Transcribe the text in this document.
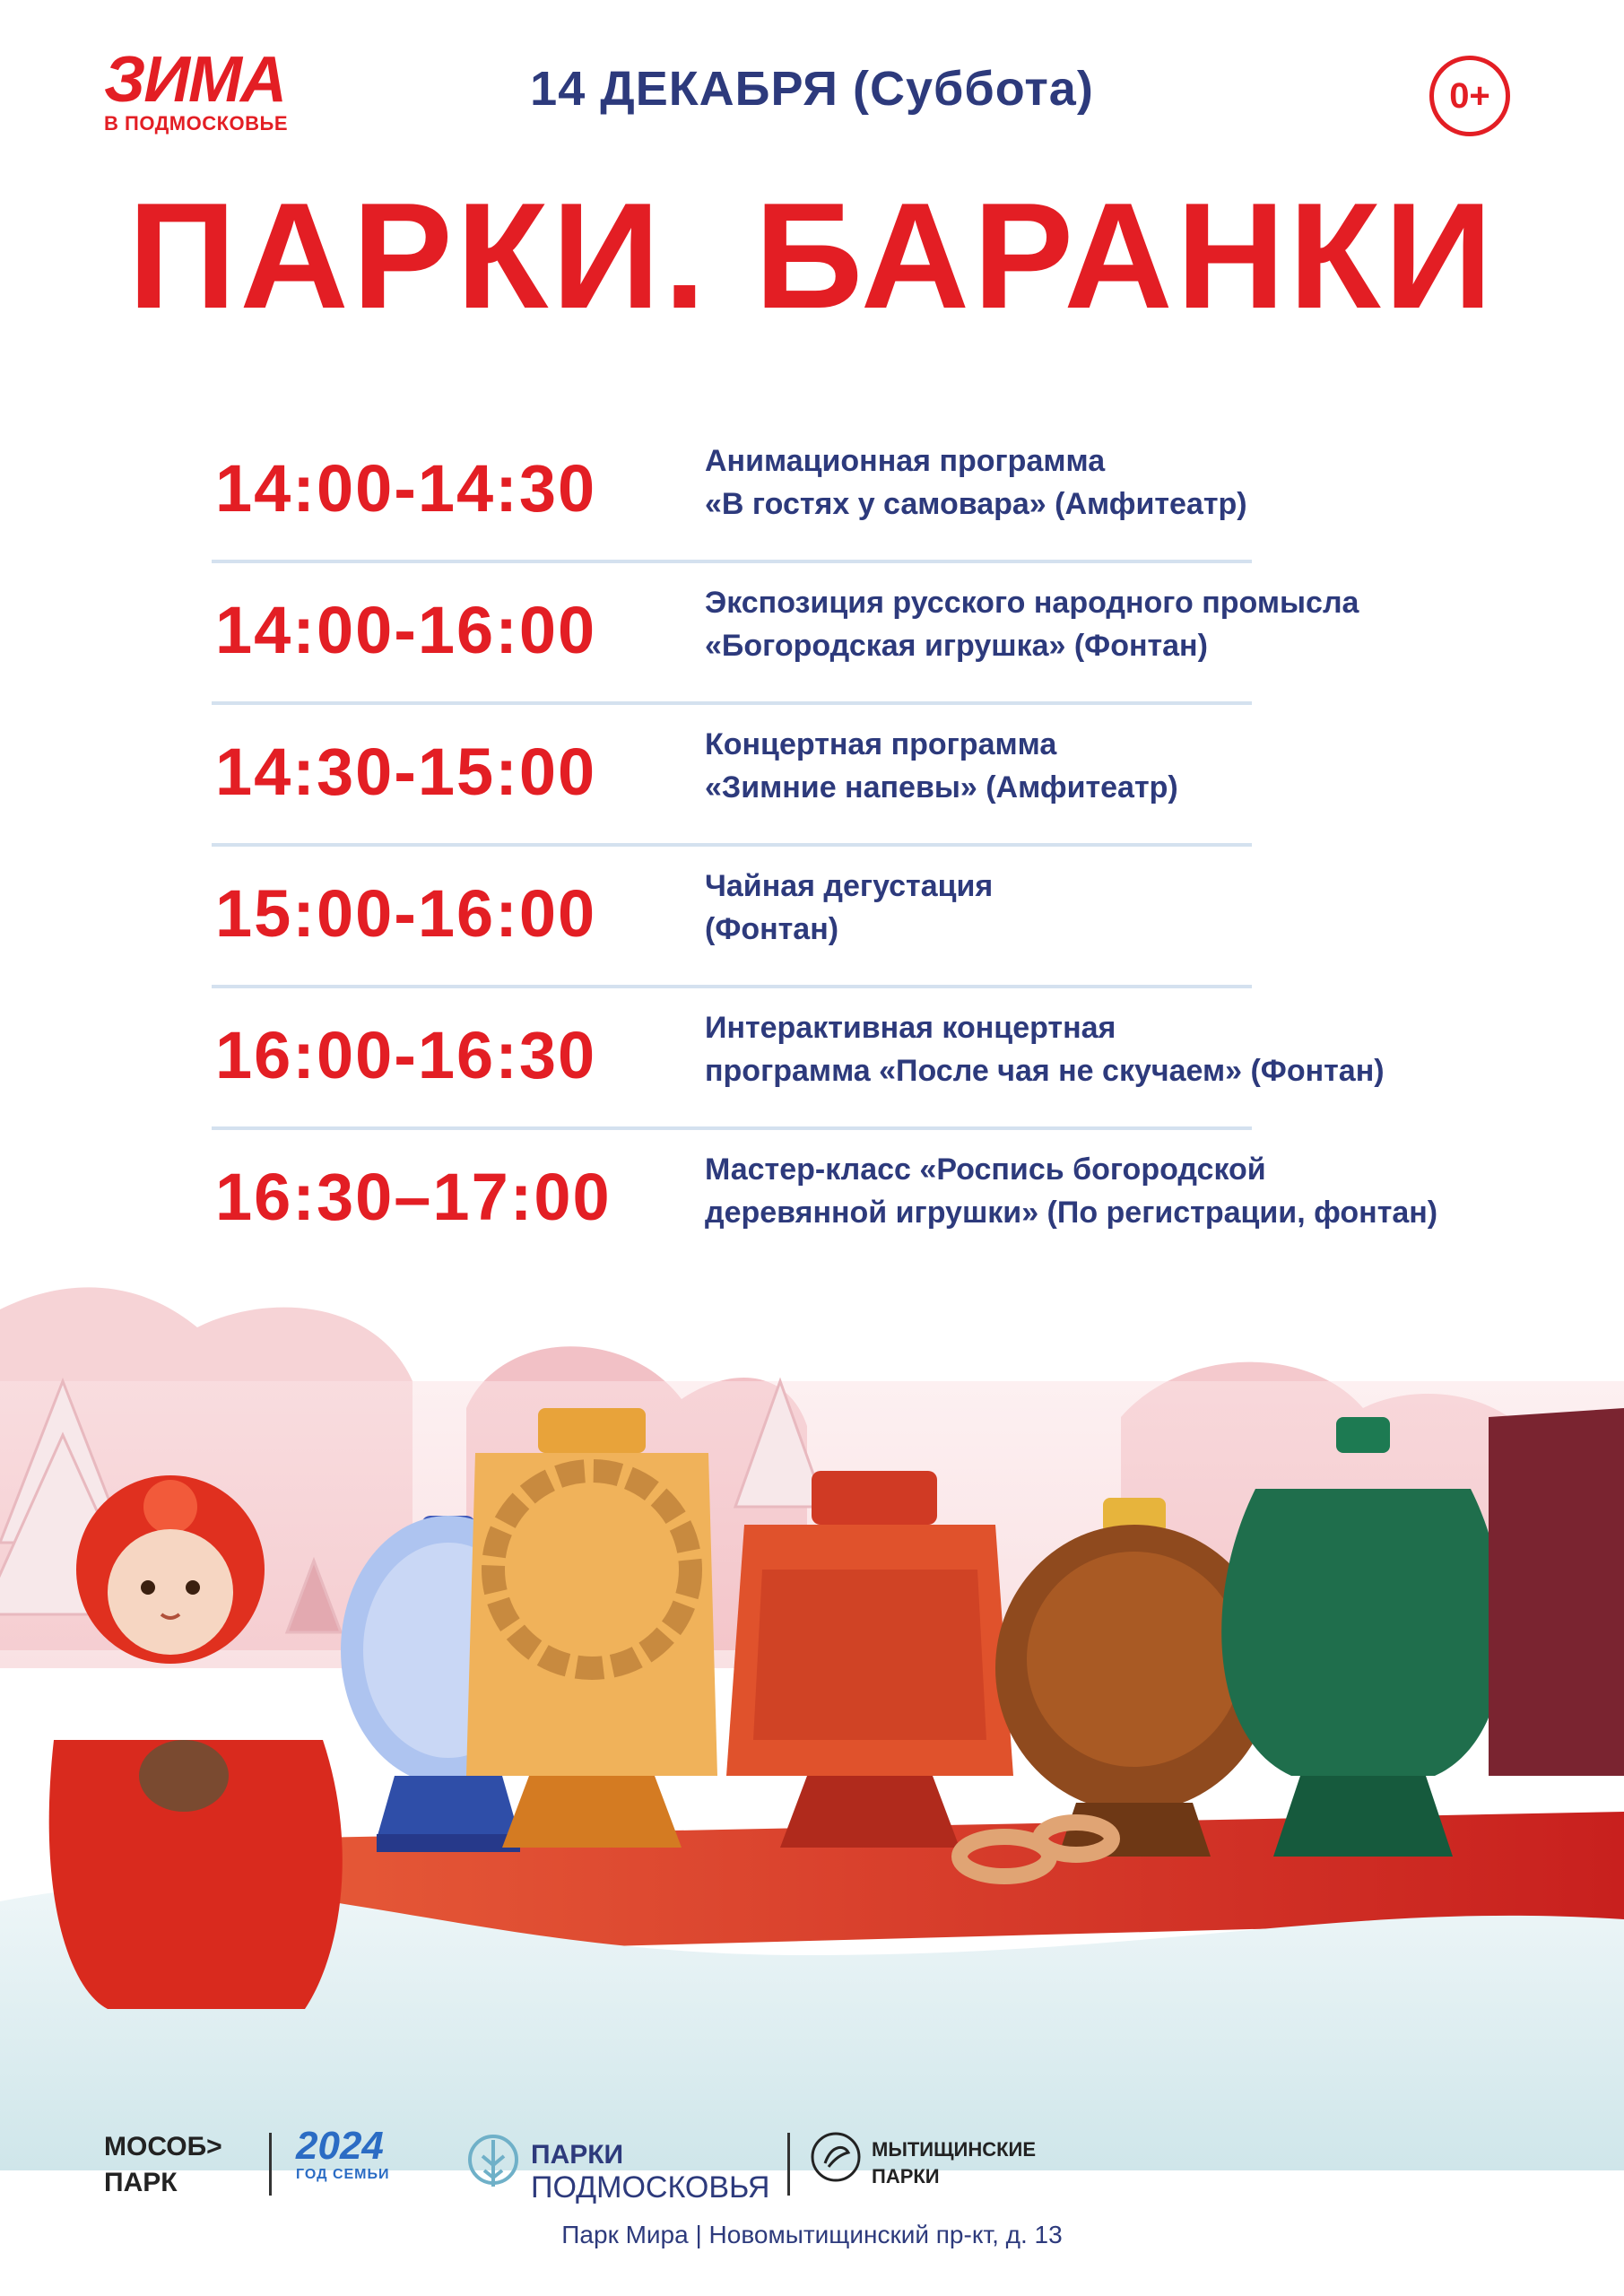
ЗИМА
В ПОДМОСКОВЬЕ
14 ДЕКАБРЯ (Суббота)	0+
ПАРКИ. БАРАНКИ
14:00-14:30	Анимационная программа
«В гостях у самовара» (Амфитеатр)
14:00-16:00	Экспозиция русского народного промысла
«Богородская игрушка» (Фонтан)
14:30-15:00	Концертная программа
«Зимние напевы» (Амфитеатр)
15:00-16:00	Чайная дегустация
(Фонтан)
16:00-16:30	Интерактивная концертная
программа «После чая не скучаем» (Фонтан)
16:30–17:00	Мастер-класс «Роспись богородской
деревянной игрушки» (По регистрации, фонтан)
МОСОБ>
ПАРК
2024
ГОД СЕМЬИ
ПАРКИ
ПОДМОСКОВЬЯ
МЫТИЩИНСКИЕ
ПАРКИ
Парк Мира | Новомытищинский пр-кт, д. 13
